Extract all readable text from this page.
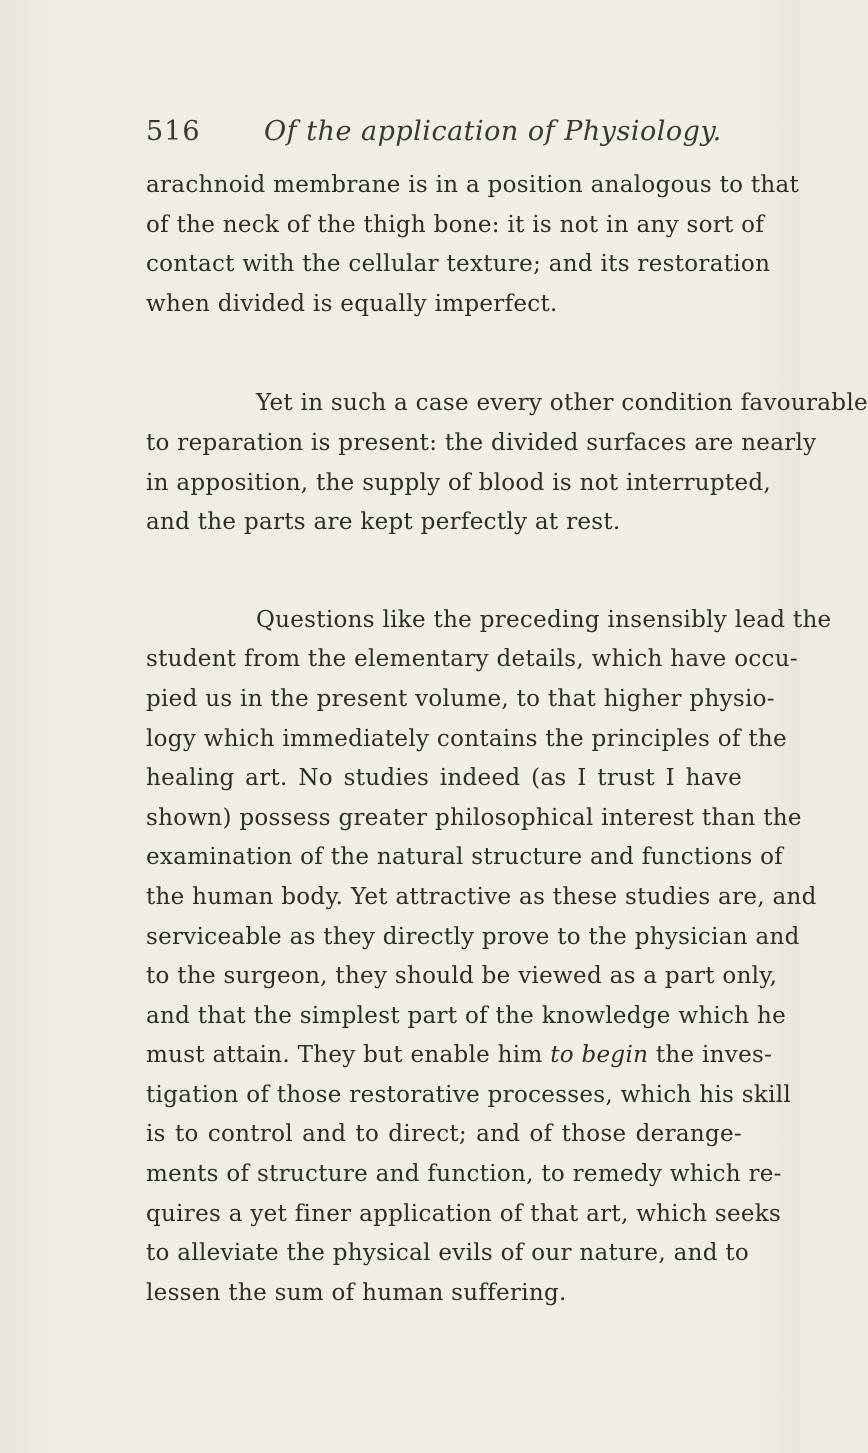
516 Of the application of Physiology.

arachnoid membrane is in a position analogous to that
of the neck of the thigh bone: it is not in any sort of
contact with the cellular texture; and its restoration
when divided is equally imperfect.

Yet in such a case every other condition favourable
to reparation is present: the divided surfaces are nearly
in apposition, the supply of blood is not interrupted,
and the parts are kept perfectly at rest.

Questions like the preceding insensibly lead the
student from the elementary details, which have occu-
pied us in the present volume, to that higher physio-
logy which immediately contains the principles of the
healing art. No studies indeed (as I trust I have
shown) possess greater philosophical interest than the
examination of the natural structure and functions of
the human body. Yet attractive as these studies are, and
serviceable as they directly prove to the physician and
to the surgeon, they should be viewed as a part only,
and that the simplest part of the knowledge which he
must attain. They but enable him to begin the inves-
tigation of those restorative processes, which his skill
is to control and to direct; and of those derange-
ments of structure and function, to remedy which re-
quires a yet finer application of that art, which seeks
to alleviate the physical evils of our nature, and to
lessen the sum of human suffering.
